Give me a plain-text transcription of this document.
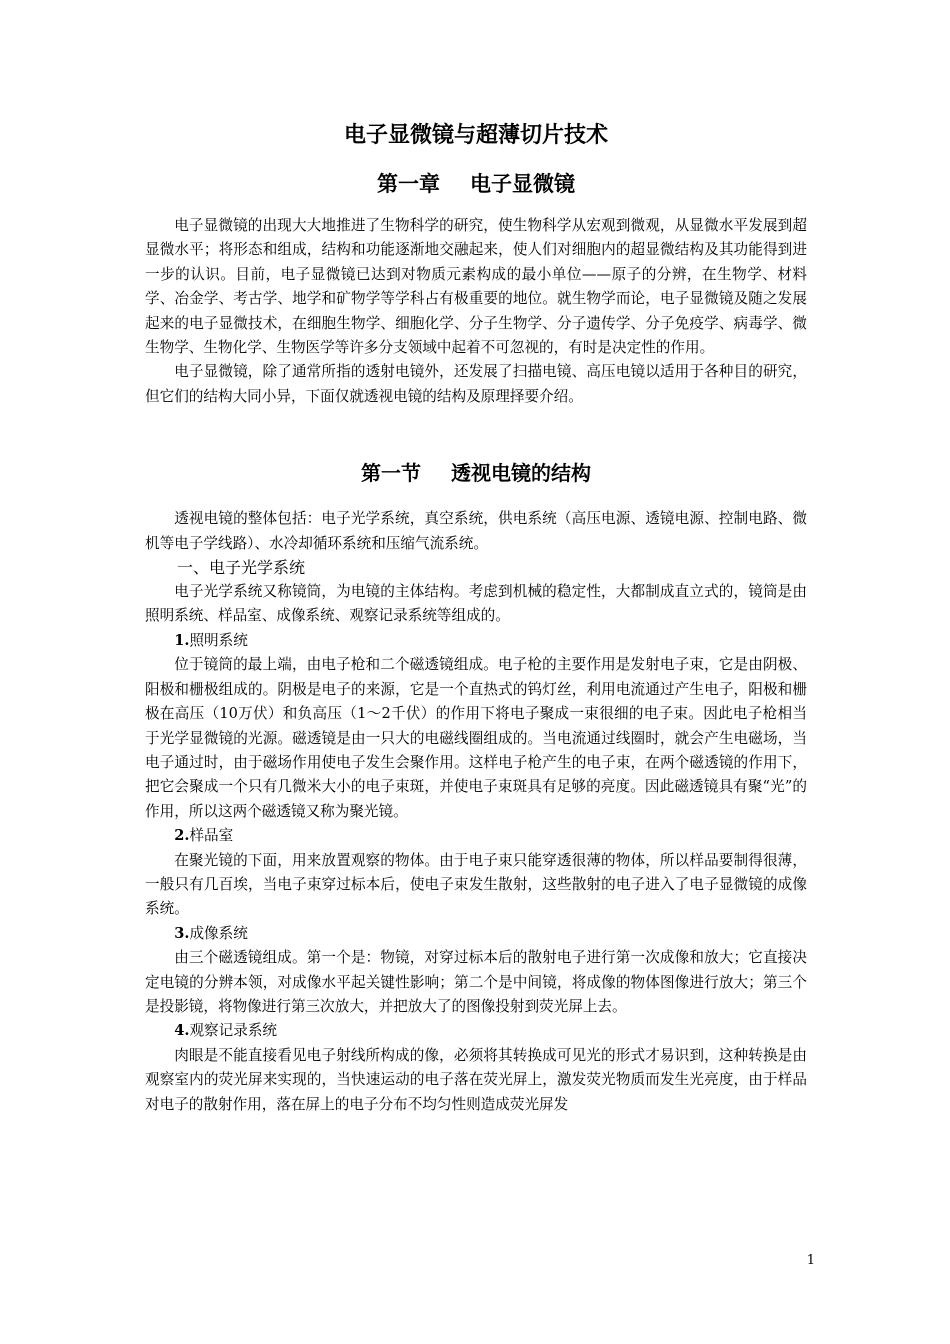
电子显微镜与超薄切片技术
第一章 电子显微镜

电子显微镜的出现大大地推进了生物科学的研究，使生物科学从宏观到微观，从显微水平发展到超显微水平；将形态和组成，结构和功能逐渐地交融起来，使人们对细胞内的超显微结构及其功能得到进一步的认识。目前，电子显微镜已达到对物质元素构成的最小单位——原子的分辨，在生物学、材料学、冶金学、考古学、地学和矿物学等学科占有极重要的地位。就生物学而论，电子显微镜及随之发展起来的电子显微技术，在细胞生物学、细胞化学、分子生物学、分子遗传学、分子免疫学、病毒学、微生物学、生物化学、生物医学等许多分支领域中起着不可忽视的，有时是决定性的作用。

电子显微镜，除了通常所指的透射电镜外，还发展了扫描电镜、高压电镜以适用于各种目的研究，但它们的结构大同小异，下面仅就透视电镜的结构及原理择要介绍。

第一节 透视电镜的结构

透视电镜的整体包括：电子光学系统，真空系统，供电系统（高压电源、透镜电源、控制电路、微机等电子学线路）、水冷却循环系统和压缩气流系统。

一、电子光学系统

电子光学系统又称镜筒，为电镜的主体结构。考虑到机械的稳定性，大都制成直立式的，镜筒是由照明系统、样品室、成像系统、观察记录系统等组成的。

1.照明系统

位于镜筒的最上端，由电子枪和二个磁透镜组成。电子枪的主要作用是发射电子束，它是由阴极、阳极和栅极组成的。阴极是电子的来源，它是一个直热式的钨灯丝，利用电流通过产生电子，阳极和栅极在高压（10万伏）和负高压（1～2千伏）的作用下将电子聚成一束很细的电子束。因此电子枪相当于光学显微镜的光源。磁透镜是由一只大的电磁线圈组成的。当电流通过线圈时，就会产生电磁场，当电子通过时，由于磁场作用使电子发生会聚作用。这样电子枪产生的电子束，在两个磁透镜的作用下，把它会聚成一个只有几微米大小的电子束斑，并使电子束斑具有足够的亮度。因此磁透镜具有聚“光”的作用，所以这两个磁透镜又称为聚光镜。

2.样品室

在聚光镜的下面，用来放置观察的物体。由于电子束只能穿透很薄的物体，所以样品要制得很薄，一般只有几百埃，当电子束穿过标本后，使电子束发生散射，这些散射的电子进入了电子显微镜的成像系统。

3.成像系统

由三个磁透镜组成。第一个是：物镜，对穿过标本后的散射电子进行第一次成像和放大；它直接决定电镜的分辨本领，对成像水平起关键性影响；第二个是中间镜，将成像的物体图像进行放大；第三个是投影镜，将物像进行第三次放大，并把放大了的图像投射到荧光屏上去。

4.观察记录系统

肉眼是不能直接看见电子射线所构成的像，必须将其转换成可见光的形式才易识到，这种转换是由观察室内的荧光屏来实现的，当快速运动的电子落在荧光屏上，激发荧光物质而发生光亮度，由于样品对电子的散射作用，落在屏上的电子分布不均匀性则造成荧光屏发

1
